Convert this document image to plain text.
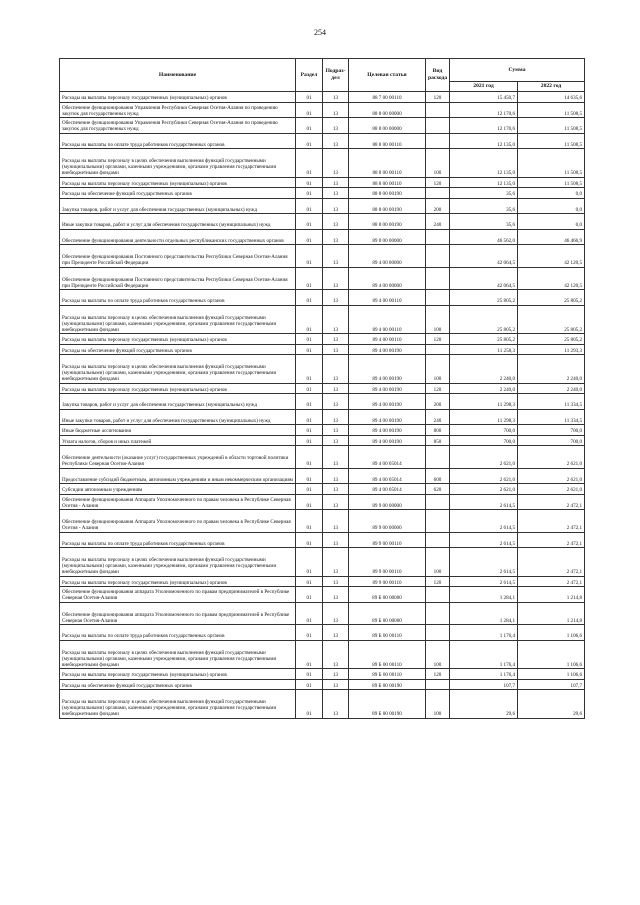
254
Наименование	Раздел	Подраз-
дел	Целевая статья	Вид
расхода	Сумма	
					2021 год	2022 год
Расходы на выплаты персоналу государственных (муниципальных) органов	01	13	88 7 00 00110	120	15 450,7	14 635,6
Обеспечение функционирования Управления Республики Северная Осетия-Алания по проведению закупок для государственных нужд	01	13	88 8 00 00000		12 170,6	11 508,5
Обеспечение функционирования Управления Республики Северная Осетия-Алания по проведению закупок для государственных нужд	01	13	88 8 00 00000		12 170,6	11 508,5
Расходы на выплаты по оплате труда работников государственных органов	01	13	88 8 00 00110		12 135,0	11 508,5
Расходы на выплаты персоналу в целях обеспечения выполнения функций государственными (муниципальными) органами, казенными учреждениями, органами управления государственными внебюджетными фондами	01	13	88 8 00 00110	100	12 135,0	11 508,5
Расходы на выплаты персоналу государственных (муниципальных) органов	01	13	88 8 00 00110	120	12 135,0	11 508,5
Расходы на обеспечение функций государственных органов	01	13	88 8 00 00190		35,6	0,0
Закупка товаров, работ и услуг для обеспечения государственных (муниципальных) нужд	01	13	88 8 00 00190	200	35,6	0,0
Иные закупки товаров, работ и услуг для обеспечения государственных (муниципальных) нужд	01	13	88 8 00 00190	240	35,6	0,0
Обеспечение функционирования деятельности отдельных республиканских государственных органов	01	13	89 0 00 00000		46 562,0	46 466,9
Обеспечение функционирования Постоянного представительства Республики Северная Осетия-Алания при Президенте Российской Федерации	01	13	89 4 00 00000		42 064,5	42 120,5
Обеспечение функционирования Постоянного представительства Республики Северная Осетия-Алания при Президенте Российской Федерации	01	13	89 4 00 00000		42 064,5	42 120,5
Расходы на выплаты по оплате труда работников государственных органов	01	13	89 4 00 00110		25 805,2	25 805,2
Расходы на выплаты персоналу в целях обеспечения выполнения функций государственными (муниципальными) органами, казенными учреждениями, органами управления государственными внебюджетными фондами	01	13	89 4 00 00110	100	25 805,2	25 805,2
Расходы на выплаты персоналу государственных (муниципальных) органов	01	13	89 4 00 00110	120	25 805,2	25 805,2
Расходы на обеспечение функций государственных органов	01	13	89 4 00 00190		11 258,3	11 293,3
Расходы на выплаты персоналу в целях обеспечения выполнения функций государственными (муниципальными) органами, казенными учреждениями, органами управления государственными внебюджетными фондами	01	13	89 4 00 00190	100	2 240,0	2 240,0
Расходы на выплаты персоналу государственных (муниципальных) органов	01	13	89 4 00 00190	120	2 240,0	2 240,0
Закупка товаров, работ и услуг для обеспечения государственных (муниципальных) нужд	01	13	89 4 00 00190	200	11 298,3	11 334,5
Иные закупки товаров, работ и услуг для обеспечения государственных (муниципальных) нужд	01	13	89 4 00 00190	240	11 298,3	11 334,5
Иные бюджетные ассигнования	01	13	89 4 00 00190	800	700,0	700,0
Уплата налогов, сборов и иных платежей	01	13	89 4 00 00190	850	700,0	700,0
Обеспечение деятельности (оказание услуг) государственных учреждений в области торговой политики Республики Северная Осетия-Алания	01	13	89 4 00 05014		2 621,0	2 621,0
Предоставление субсидий бюджетным, автономным учреждениям и иным некоммерческим организациям	01	13	89 4 00 05014	600	2 621,0	2 621,0
Субсидии автономным учреждениям	01	13	89 4 00 05014	620	2 621,0	2 621,0
Обеспечение функционирования Аппарата Уполномоченного по правам человека в Республике Северная Осетия - Алания	01	13	89 9 00 00000		2 614,5	2 472,1
Обеспечение функционирования Аппарата Уполномоченного по правам человека в Республике Северная Осетия - Алания	01	13	89 9 00 00000		2 614,5	2 472,1
Расходы на выплаты по оплате труда работников государственных органов	01	13	89 9 00 00110		2 614,5	2 472,1
Расходы на выплаты персоналу в целях обеспечения выполнения функций государственными (муниципальными) органами, казенными учреждениями, органами управления государственными внебюджетными фондами	01	13	89 9 00 00110	100	2 614,5	2 472,1
Расходы на выплаты персоналу государственных (муниципальных) органов	01	13	89 9 00 00110	120	2 614,5	2 472,1
Обеспечение функционирования аппарата Уполномоченного по правам предпринимателей в Республике Северная Осетия-Алания	01	13	89 Б 00 00000		1 284,1	1 214,8
Обеспечение функционирования аппарата Уполномоченного по правам предпринимателей в Республике Северная Осетия-Алания	01	13	89 Б 00 00000		1 284,1	1 214,8
Расходы на выплаты по оплате труда работников государственных органов	01	13	89 Б 00 00110		1 176,4	1 106,6
Расходы на выплаты персоналу в целях обеспечения выполнения функций государственными (муниципальными) органами, казенными учреждениями, органами управления государственными внебюджетными фондами	01	13	89 Б 00 00110	100	1 176,4	1 106,6
Расходы на выплаты персоналу государственных (муниципальных) органов	01	13	89 Б 00 00110	120	1 176,4	1 106,6
Расходы на обеспечение функций государственных органов	01	13	89 Б 00 00190		107,7	107,7
Расходы на выплаты персоналу в целях обеспечения выполнения функций государственными (муниципальными) органами, казенными учреждениями, органами управления государственными внебюджетными фондами	01	13	89 Б 00 00190	100	29,6	29,6
